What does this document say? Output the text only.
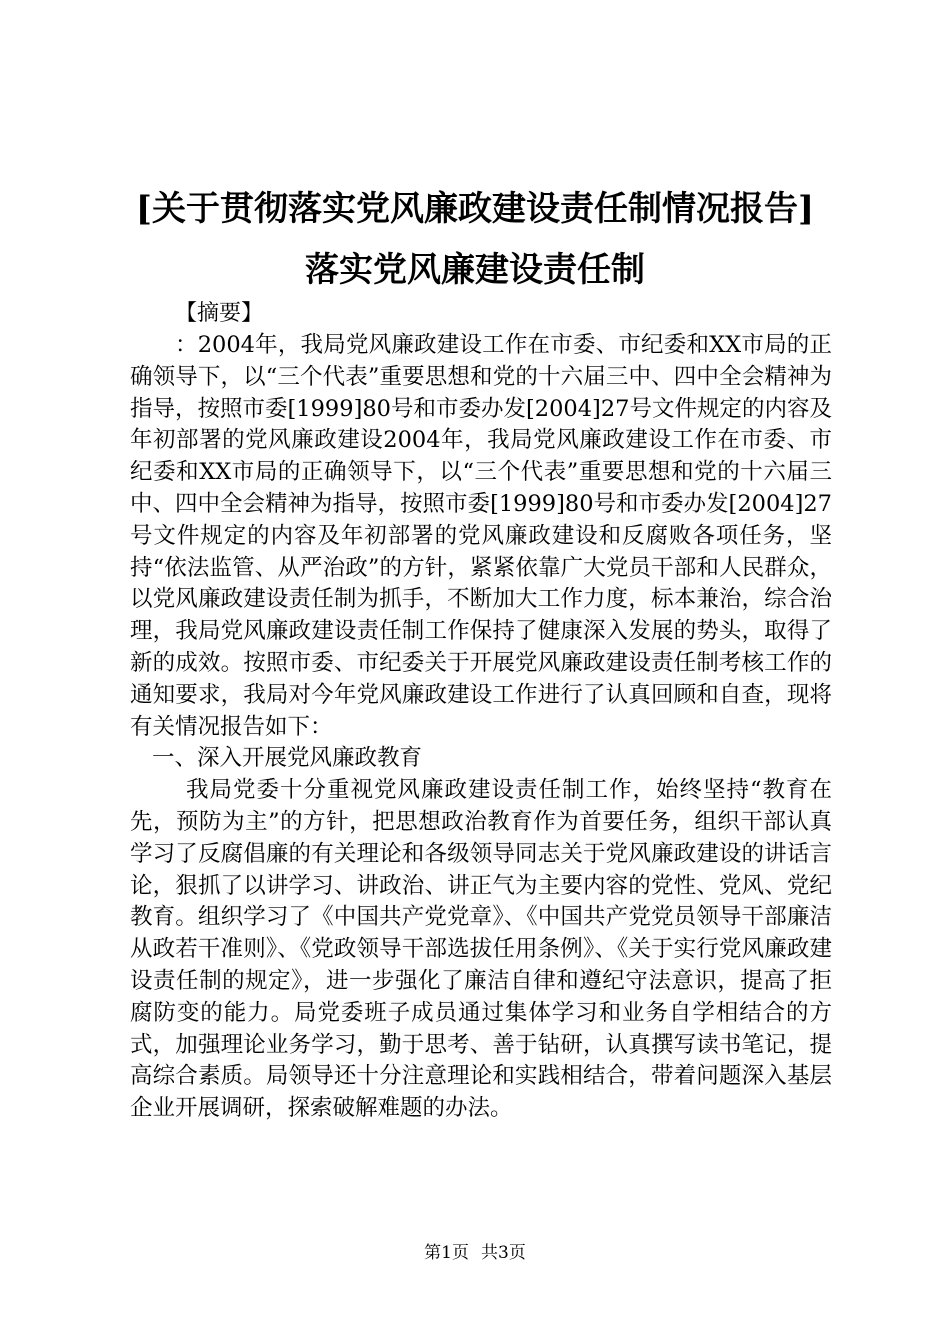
[关于贯彻落实党风廉政建设责任制情况报告]
落实党风廉建设责任制
【摘要】

：2004年，我局党风廉政建设工作在市委、市纪委和XX市局的正确领导下，以“三个代表”重要思想和党的十六届三中、四中全会精神为指导，按照市委[1999]80号和市委办发[2004]27号文件规定的内容及年初部署的党风廉政建设2004年，我局党风廉政建设工作在市委、市纪委和XX市局的正确领导下，以“三个代表”重要思想和党的十六届三中、四中全会精神为指导，按照市委[1999]80号和市委办发[2004]27号文件规定的内容及年初部署的党风廉政建设和反腐败各项任务，坚持“依法监管、从严治政”的方针，紧紧依靠广大党员干部和人民群众，以党风廉政建设责任制为抓手，不断加大工作力度，标本兼治，综合治理，我局党风廉政建设责任制工作保持了健康深入发展的势头，取得了新的成效。按照市委、市纪委关于开展党风廉政建设责任制考核工作的通知要求，我局对今年党风廉政建设工作进行了认真回顾和自查，现将有关情况报告如下：

一、深入开展党风廉政教育

我局党委十分重视党风廉政建设责任制工作，始终坚持“教育在先，预防为主”的方针，把思想政治教育作为首要任务，组织干部认真学习了反腐倡廉的有关理论和各级领导同志关于党风廉政建设的讲话言论，狠抓了以讲学习、讲政治、讲正气为主要内容的党性、党风、党纪教育。组织学习了《中国共产党党章》、《中国共产党党员领导干部廉洁从政若干准则》、《党政领导干部选拔任用条例》、《关于实行党风廉政建设责任制的规定》，进一步强化了廉洁自律和遵纪守法意识，提高了拒腐防变的能力。局党委班子成员通过集体学习和业务自学相结合的方式，加强理论业务学习，勤于思考、善于钻研，认真撰写读书笔记，提高综合素质。局领导还十分注意理论和实践相结合，带着问题深入基层企业开展调研，探索破解难题的办法。

第1页 共3页
